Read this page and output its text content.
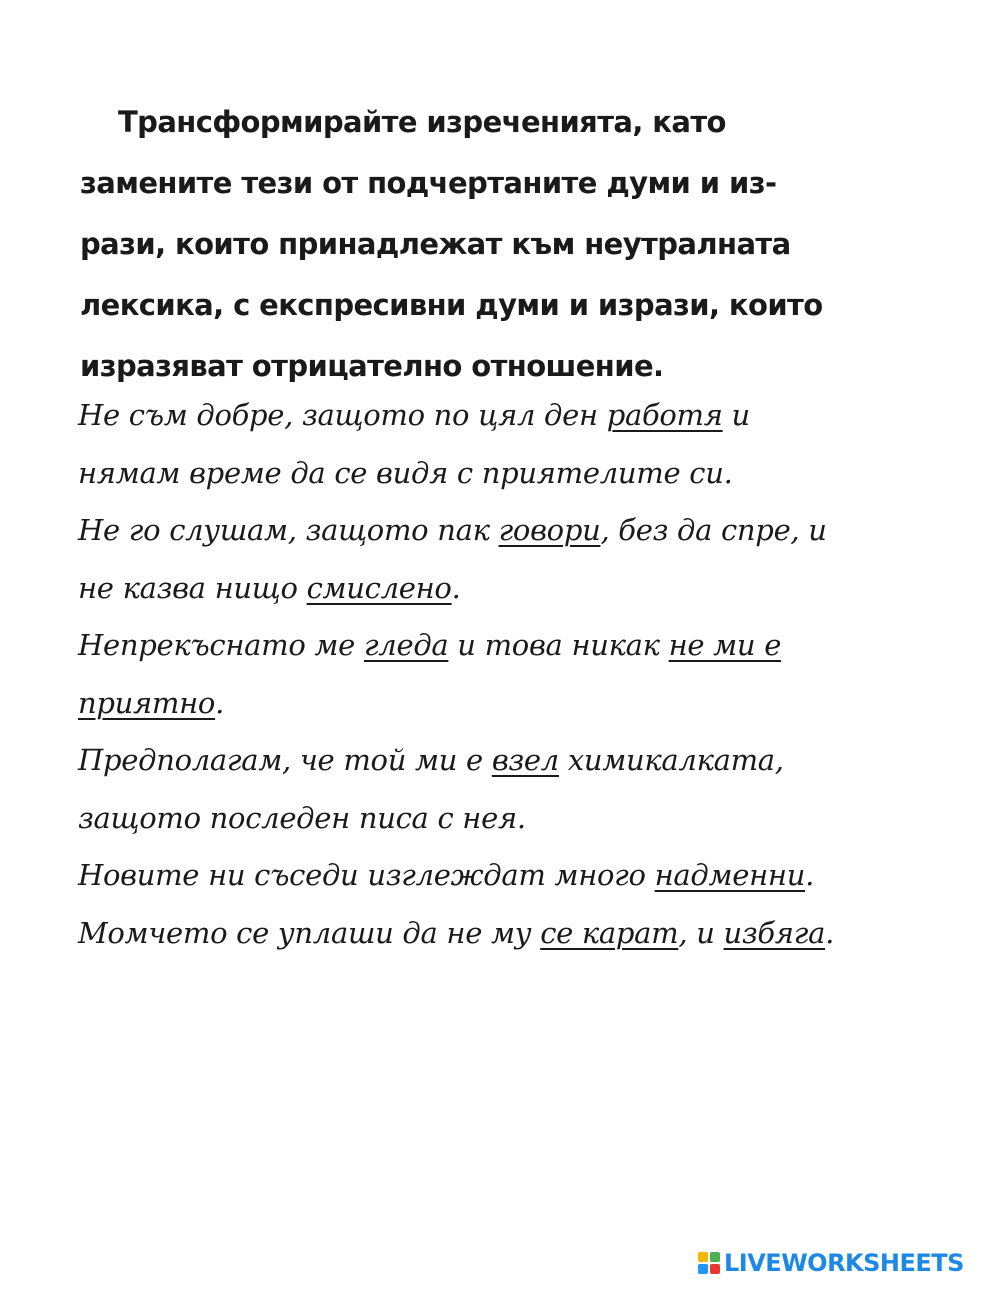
Трансформирайте изреченията, като
замените тези от подчертаните думи и из-
рази, които принадлежат към неутралната
лексика, с експресивни думи и изрази, които
изразяват отрицателно отношение.
Не съм добре, защото по цял ден работя и
нямам време да се видя с приятелите си.
Не го слушам, защото пак говори, без да спре, и
не казва нищо смислено.
Непрекъснато ме гледа и това никак не ми е
приятно.
Предполагам, че той ми е взел химикалката,
защото последен писа с нея.
Новите ни съседи изглеждат много надменни.
Момчето се уплаши да не му се карат, и избяга.
LIVEWORKSHEETS
